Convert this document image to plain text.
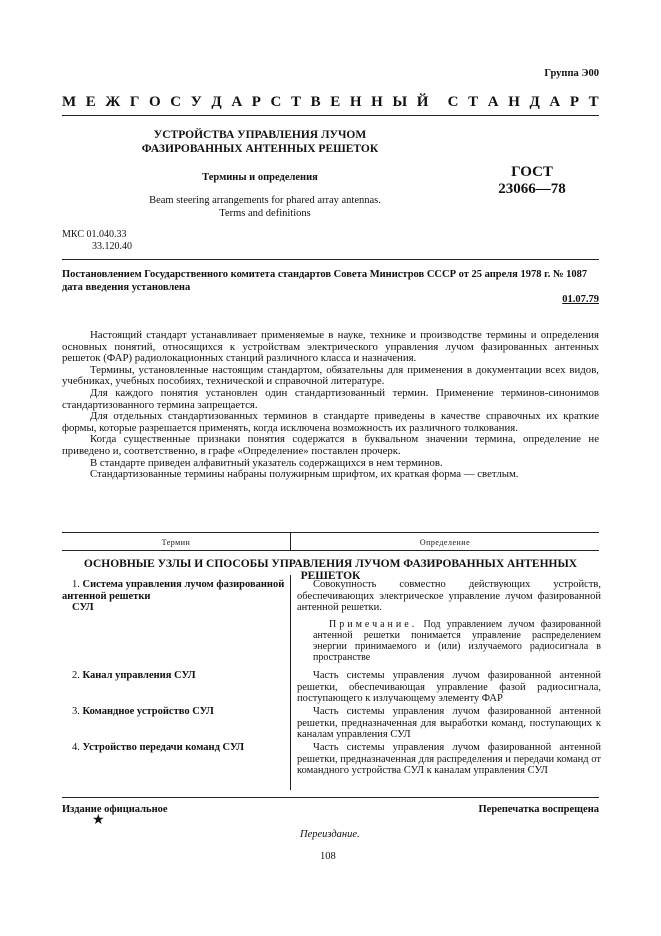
Группа Э00
М Е Ж Г О С У Д А Р С Т В Е Н Н Ы Й С Т А Н Д А Р Т
УСТРОЙСТВА УПРАВЛЕНИЯ ЛУЧОМ
ФАЗИРОВАННЫХ АНТЕННЫХ РЕШЕТОК
Термины и определения
Beam steering arrangements for phared array antennas.
Terms and definitions
ГОСТ
23066—78
МКС 01.040.33
33.120.40
Постановлением Государственного комитета стандартов Совета Министров СССР от 25 апреля 1978 г. № 1087
дата введения установлена
01.07.79

Настоящий стандарт устанавливает применяемые в науке, технике и производстве термины и определения основных понятий, относящихся к устройствам электрического управления лучом фазированных антенных решеток (ФАР) радиолокационных станций различного класса и назначения.

Термины, установленные настоящим стандартом, обязательны для применения в документации всех видов, учебниках, учебных пособиях, технической и справочной литературе.

Для каждого понятия установлен один стандартизованный термин. Применение терминов-синонимов стандартизованного термина запрещается.

Для отдельных стандартизованных терминов в стандарте приведены в качестве справочных их краткие формы, которые разрешается применять, когда исключена возможность их различного толкования.

Когда существенные признаки понятия содержатся в буквальном значении термина, определение не приведено и, соответственно, в графе «Определение» поставлен прочерк.

В стандарте приведен алфавитный указатель содержащихся в нем терминов.

Стандартизованные термины набраны полужирным шрифтом, их краткая форма — светлым.

Термин	Определение
ОСНОВНЫЕ УЗЛЫ И СПОСОБЫ УПРАВЛЕНИЯ ЛУЧОМ ФАЗИРОВАННЫХ АНТЕННЫХ РЕШЕТОК
1. Система управления лучом фазированной
антенной решетки
СУЛ

Совокупность совместно действующих устройств, обеспечивающих электрическое управление лучом фазированной антенной решетки.

Примечание. Под управлением лучом фазированной антенной решетки понимается управление распределением энергии принимаемого и (или) излучаемого радиосигнала в пространстве
2. Канал управления СУЛ	Часть системы управления лучом фазированной антенной решетки, обеспечивающая управление фазой радиосигнала, поступающего к излучающему элементу ФАР

3. Командное устройство СУЛ	Часть системы управления лучом фазированной антенной решетки, предназначенная для выработки команд, поступающих к каналам управления СУЛ

4. Устройство передачи команд СУЛ	Часть системы управления лучом фазированной антенной решетки, предназначенная для распределения и передачи команд от командного устройства СУЛ к каналам управления СУЛ

Издание официальное	Перепечатка воспрещена
★
Переиздание.
108
